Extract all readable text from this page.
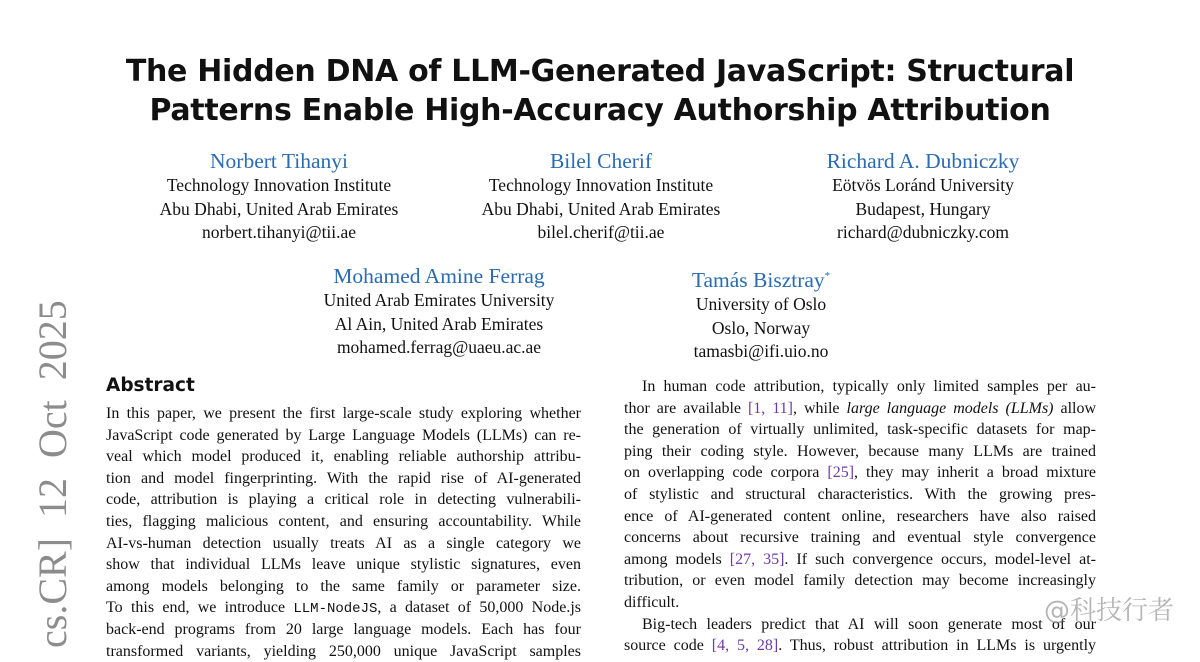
The Hidden DNA of LLM-Generated JavaScript: Structural
Patterns Enable High-Accuracy Authorship Attribution
Norbert Tihanyi
Technology Innovation Institute
Abu Dhabi, United Arab Emirates
norbert.tihanyi@tii.ae
Bilel Cherif
Technology Innovation Institute
Abu Dhabi, United Arab Emirates
bilel.cherif@tii.ae
Richard A. Dubniczky
Eötvös Loránd University
Budapest, Hungary
richard@dubniczky.com
Mohamed Amine Ferrag
United Arab Emirates University
Al Ain, United Arab Emirates
mohamed.ferrag@uaeu.ac.ae
Tamás Bisztray*
University of Oslo
Oslo, Norway
tamasbi@ifi.uio.no
cs.CR] 12 Oct 2025 Abstract
In this paper, we present the first large-scale study exploring whether
JavaScript code generated by Large Language Models (LLMs) can re-
veal which model produced it, enabling reliable authorship attribu-
tion and model fingerprinting. With the rapid rise of AI-generated
code, attribution is playing a critical role in detecting vulnerabili-
ties, flagging malicious content, and ensuring accountability. While
AI-vs-human detection usually treats AI as a single category we
show that individual LLMs leave unique stylistic signatures, even
among models belonging to the same family or parameter size.
To this end, we introduce LLM-NodeJS, a dataset of 50,000 Node.js
back-end programs from 20 large language models. Each has four
transformed variants, yielding 250,000 unique JavaScript samples
In human code attribution, typically only limited samples per au-
thor are available [1, 11], while large language models (LLMs) allow
the generation of virtually unlimited, task-specific datasets for map-
ping their coding style. However, because many LLMs are trained
on overlapping code corpora [25], they may inherit a broad mixture
of stylistic and structural characteristics. With the growing pres-
ence of AI-generated content online, researchers have also raised
concerns about recursive training and eventual style convergence
among models [27, 35]. If such convergence occurs, model-level at-
tribution, or even model family detection may become increasingly
difficult.
Big-tech leaders predict that AI will soon generate most of our
source code [4, 5, 28]. Thus, robust attribution in LLMs is urgently
@科技行者
